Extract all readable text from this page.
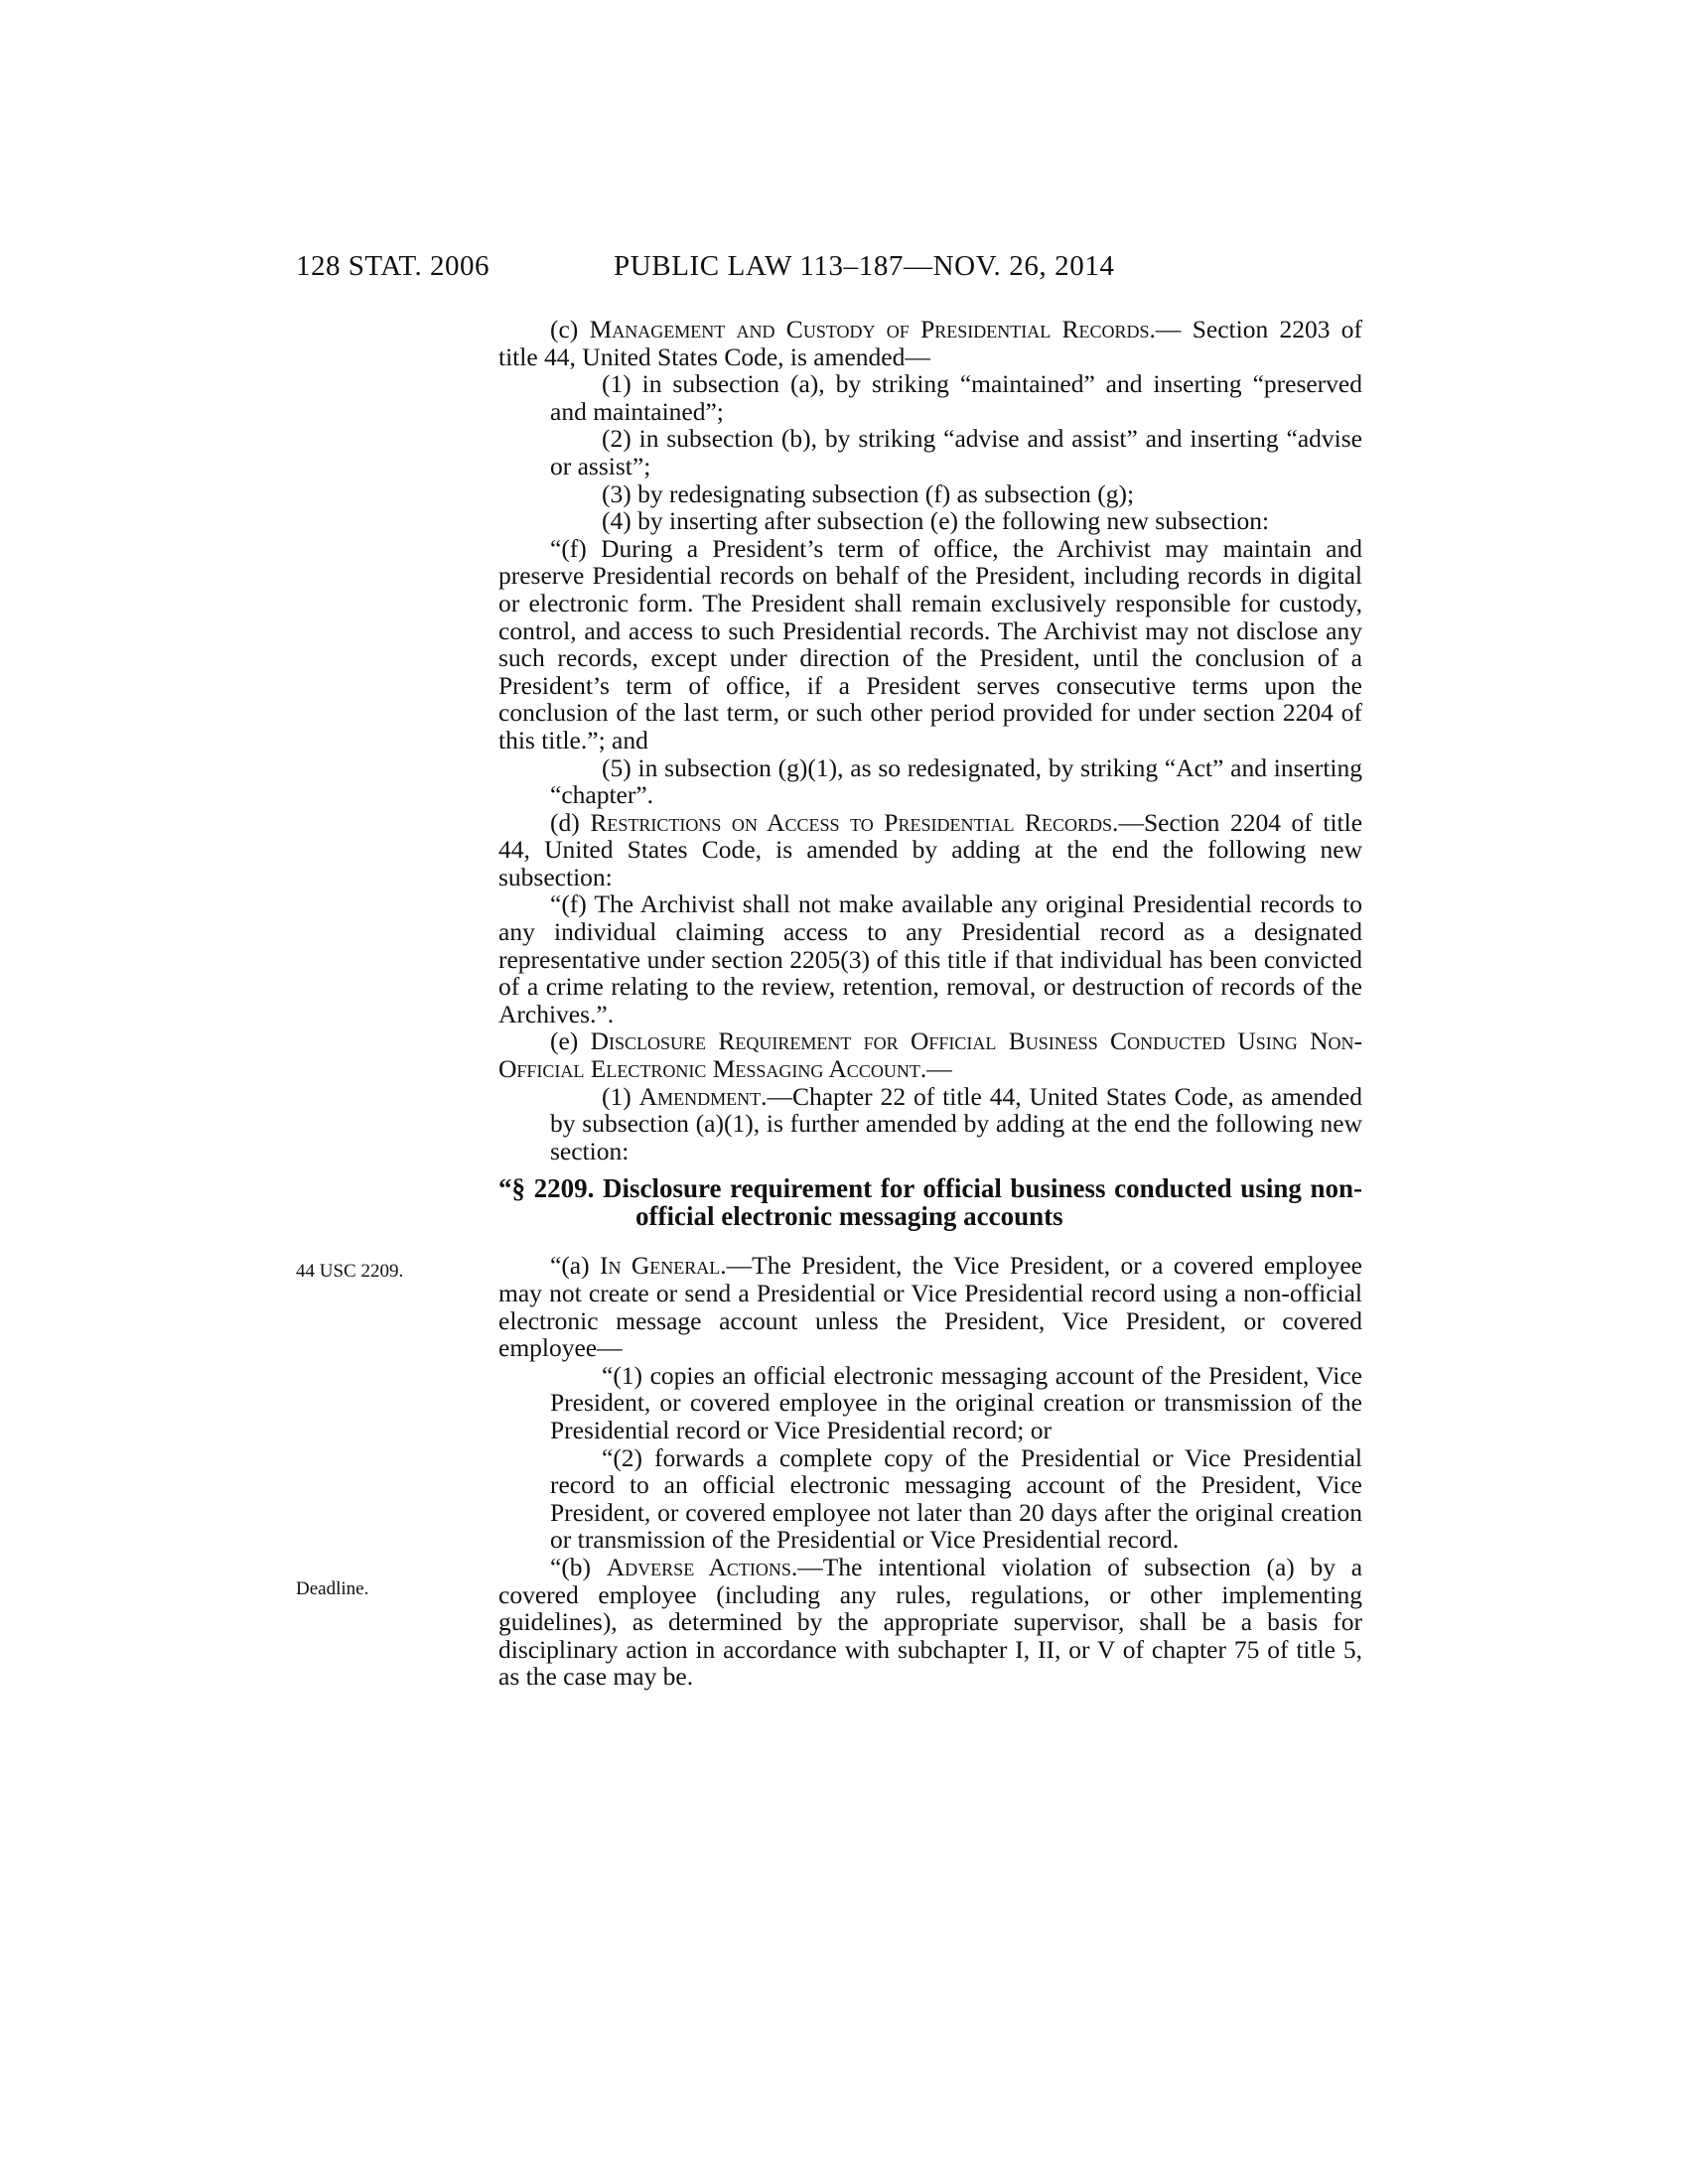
128 STAT. 2006	PUBLIC LAW 113–187—NOV. 26, 2014
44 USC 2209.
Deadline.

(c) Management and Custody of Presidential Records.— Section 2203 of title 44, United States Code, is amended—

(1) in subsection (a), by striking “maintained” and inserting “preserved and maintained”;

(2) in subsection (b), by striking “advise and assist” and inserting “advise or assist”;

(3) by redesignating subsection (f) as subsection (g);

(4) by inserting after subsection (e) the following new subsection:

“(f) During a President’s term of office, the Archivist may maintain and preserve Presidential records on behalf of the President, including records in digital or electronic form. The President shall remain exclusively responsible for custody, control, and access to such Presidential records. The Archivist may not disclose any such records, except under direction of the President, until the conclusion of a President’s term of office, if a President serves consecutive terms upon the conclusion of the last term, or such other period provided for under section 2204 of this title.”; and

(5) in subsection (g)(1), as so redesignated, by striking “Act” and inserting “chapter”.

(d) Restrictions on Access to Presidential Records.—Section 2204 of title 44, United States Code, is amended by adding at the end the following new subsection:

“(f) The Archivist shall not make available any original Presidential records to any individual claiming access to any Presidential record as a designated representative under section 2205(3) of this title if that individual has been convicted of a crime relating to the review, retention, removal, or destruction of records of the Archives.”.

(e) Disclosure Requirement for Official Business Conducted Using Non-Official Electronic Messaging Account.—

(1) Amendment.—Chapter 22 of title 44, United States Code, as amended by subsection (a)(1), is further amended by adding at the end the following new section:

“§ 2209. Disclosure requirement for official business conducted using non-official electronic messaging accounts

“(a) In General.—The President, the Vice President, or a covered employee may not create or send a Presidential or Vice Presidential record using a non-official electronic message account unless the President, Vice President, or covered employee—

“(1) copies an official electronic messaging account of the President, Vice President, or covered employee in the original creation or transmission of the Presidential record or Vice Presidential record; or

“(2) forwards a complete copy of the Presidential or Vice Presidential record to an official electronic messaging account of the President, Vice President, or covered employee not later than 20 days after the original creation or transmission of the Presidential or Vice Presidential record.

“(b) Adverse Actions.—The intentional violation of subsection (a) by a covered employee (including any rules, regulations, or other implementing guidelines), as determined by the appropriate supervisor, shall be a basis for disciplinary action in accordance with subchapter I, II, or V of chapter 75 of title 5, as the case may be.
